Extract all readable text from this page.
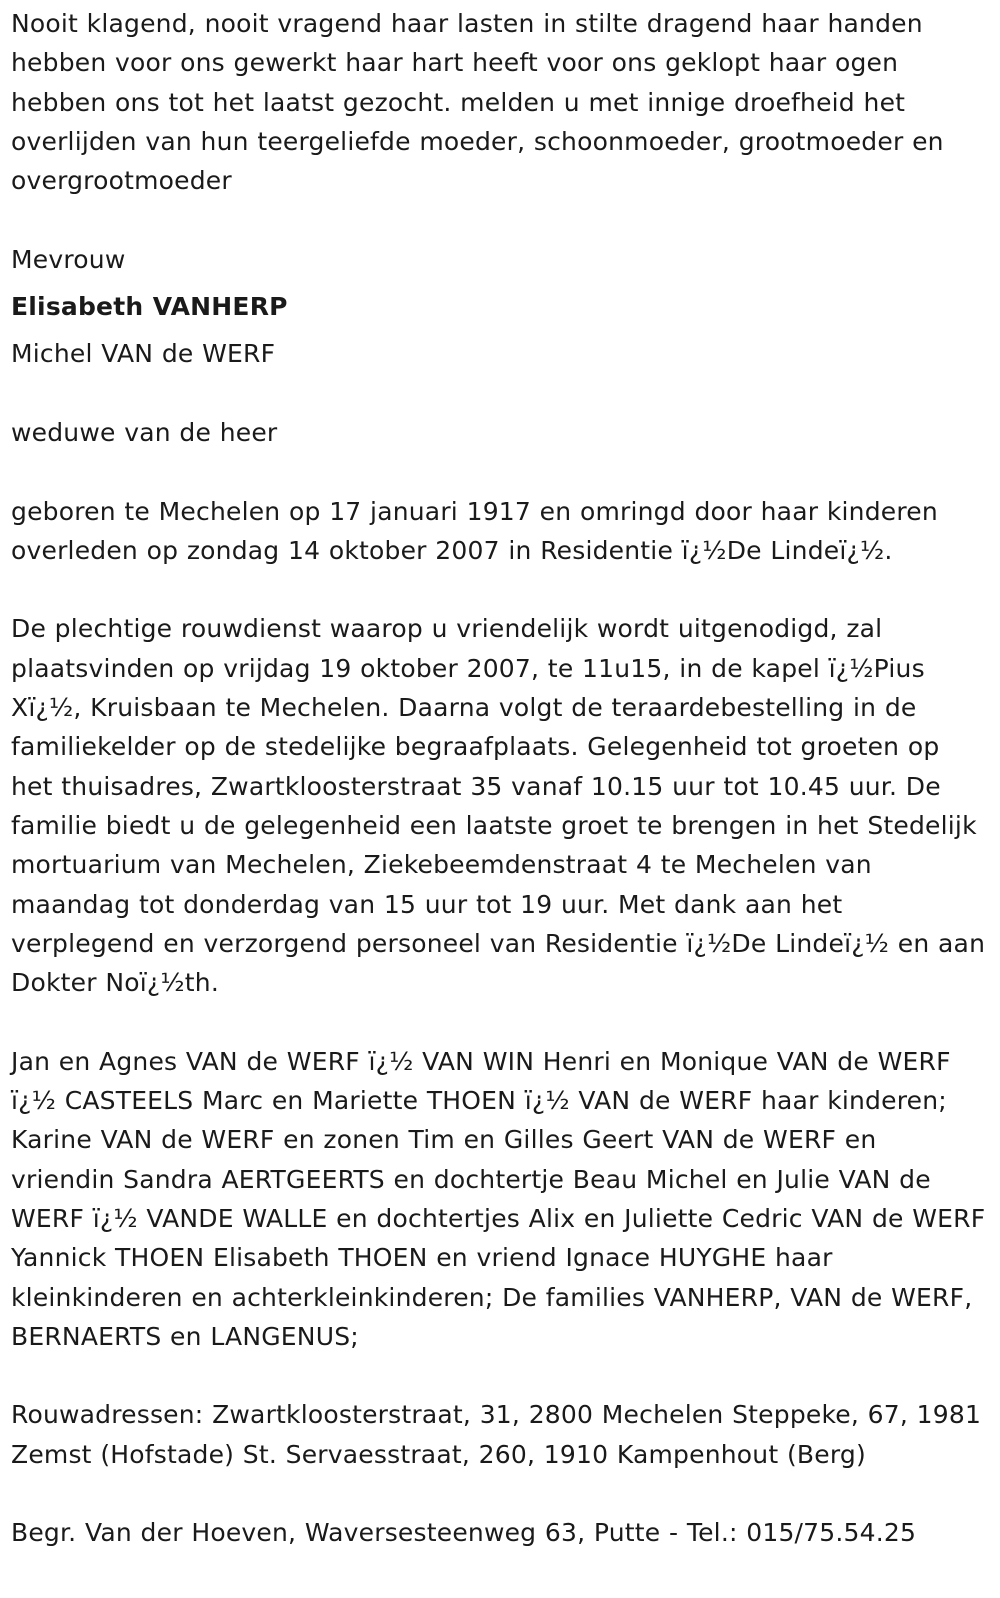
Nooit klagend, nooit vragend haar lasten in stilte dragend haar handen hebben voor ons gewerkt haar hart heeft voor ons geklopt haar ogen hebben ons tot het laatst gezocht. melden u met innige droefheid het overlijden van hun teergeliefde moeder, schoonmoeder, grootmoeder en overgrootmoeder

Mevrouw

Elisabeth VANHERP

Michel VAN de WERF

weduwe van de heer

geboren te Mechelen op 17 januari 1917 en omringd door haar kinderen overleden op zondag 14 oktober 2007 in Residentie ï¿½De Lindeï¿½.

De plechtige rouwdienst waarop u vriendelijk wordt uitgenodigd, zal plaatsvinden op vrijdag 19 oktober 2007, te 11u15, in de kapel ï¿½Pius Xï¿½, Kruisbaan te Mechelen. Daarna volgt de teraardebestelling in de familiekelder op de stedelijke begraafplaats. Gelegenheid tot groeten op het thuisadres, Zwartkloosterstraat 35 vanaf 10.15 uur tot 10.45 uur. De familie biedt u de gelegenheid een laatste groet te brengen in het Stedelijk mortuarium van Mechelen, Ziekebeemdenstraat 4 te Mechelen van maandag tot donderdag van 15 uur tot 19 uur. Met dank aan het verplegend en verzorgend personeel van Residentie ï¿½De Lindeï¿½ en aan Dokter Noï¿½th.

Jan en Agnes VAN de WERF ï¿½ VAN WIN Henri en Monique VAN de WERF ï¿½ CASTEELS Marc en Mariette THOEN ï¿½ VAN de WERF haar kinderen; Karine VAN de WERF en zonen Tim en Gilles Geert VAN de WERF en vriendin Sandra AERTGEERTS en dochtertje Beau Michel en Julie VAN de WERF ï¿½ VANDE WALLE en dochtertjes Alix en Juliette Cedric VAN de WERF Yannick THOEN Elisabeth THOEN en vriend Ignace HUYGHE haar kleinkinderen en achterkleinkinderen; De families VANHERP, VAN de WERF, BERNAERTS en LANGENUS;

Rouwadressen: Zwartkloosterstraat, 31, 2800 Mechelen Steppeke, 67, 1981 Zemst (Hofstade) St. Servaesstraat, 260, 1910 Kampenhout (Berg)

Begr. Van der Hoeven, Waversesteenweg 63, Putte - Tel.: 015/75.54.25
